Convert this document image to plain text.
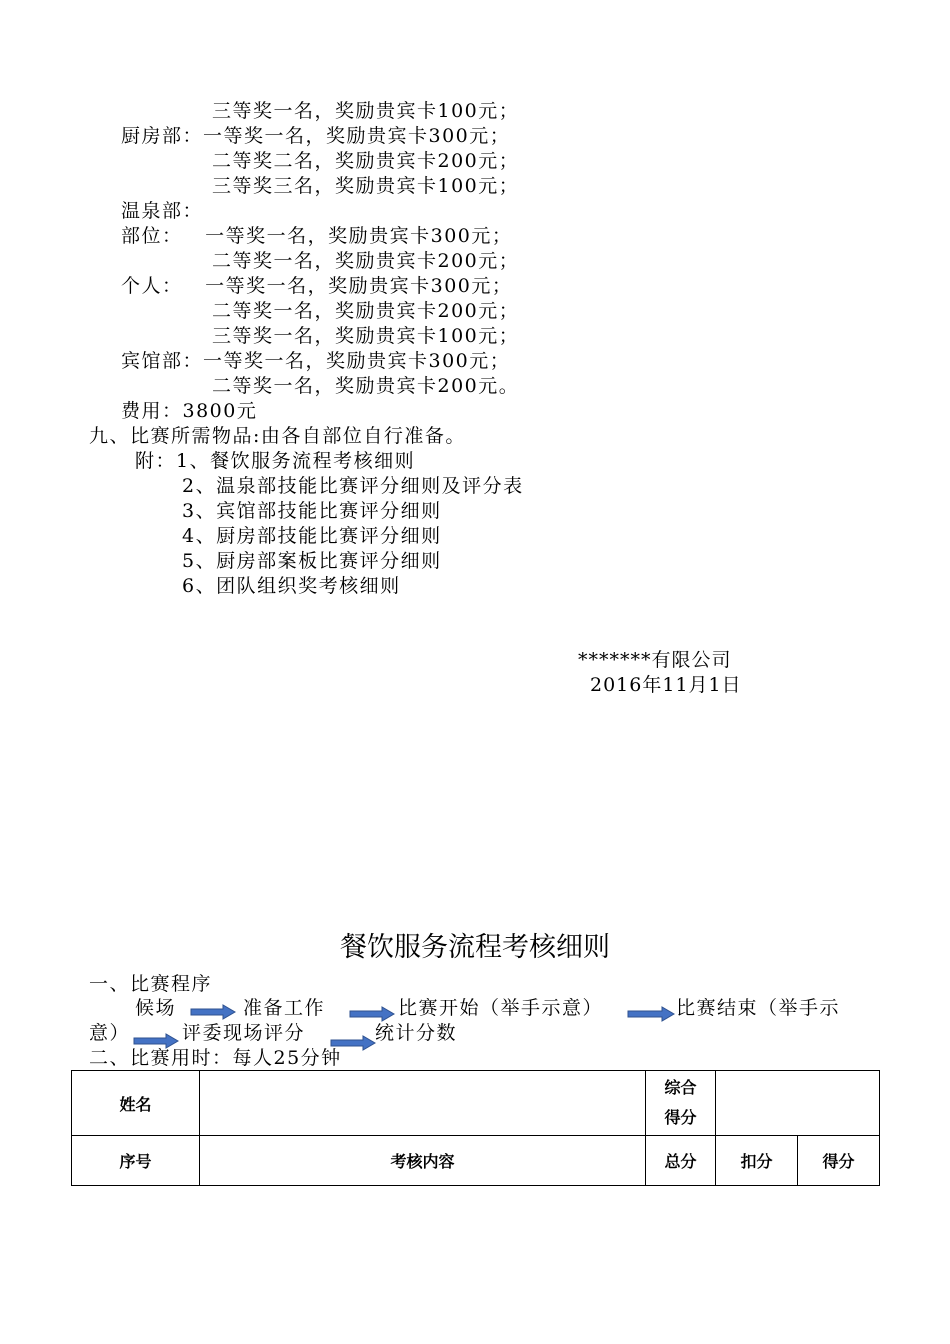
三等奖一名，奖励贵宾卡100元；
厨房部：一等奖一名，奖励贵宾卡300元；
二等奖二名，奖励贵宾卡200元；
三等奖三名，奖励贵宾卡100元；
温泉部：
部位：   一等奖一名，奖励贵宾卡300元；
二等奖一名，奖励贵宾卡200元；
个人：   一等奖一名，奖励贵宾卡300元；
二等奖一名，奖励贵宾卡200元；
三等奖一名，奖励贵宾卡100元；
宾馆部：一等奖一名，奖励贵宾卡300元；
二等奖一名，奖励贵宾卡200元。
费用：3800元
九、比赛所需物品:由各自部位自行准备。
附：1、餐饮服务流程考核细则
2、温泉部技能比赛评分细则及评分表
3、宾馆部技能比赛评分细则
4、厨房部技能比赛评分细则
5、厨房部案板比赛评分细则
6、团队组织奖考核细则
*******有限公司
2016年11月1日
餐饮服务流程考核细则
一、比赛程序
候场	准备工作	比赛开始（举手示意）	比赛结束（举手示
意）	评委现场评分	统计分数
二、比赛用时：每人25分钟
姓名		综合
得分		

序号	考核内容	总分	扣分	得分
